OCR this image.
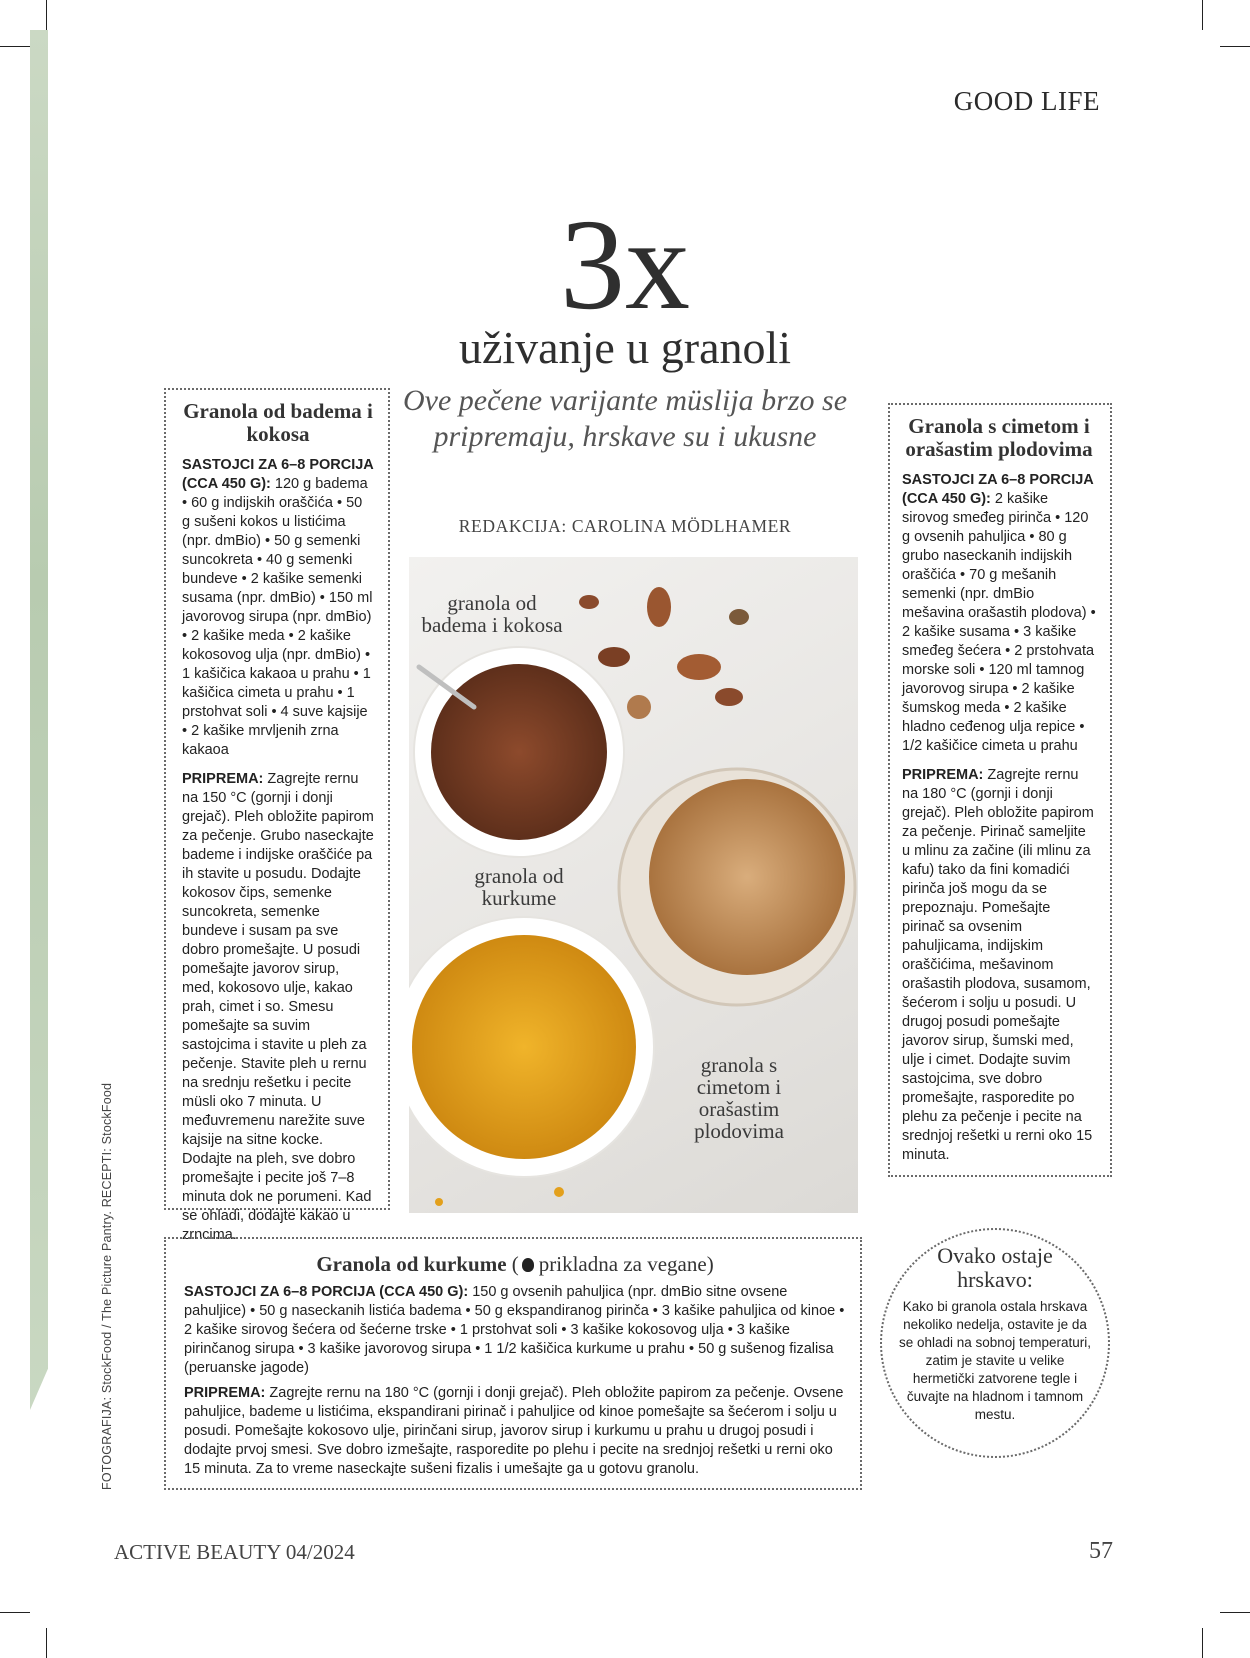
GOOD LIFE
3x
uživanje u granoli
Ove pečene varijante müslija brzo se pripremaju, hrskave su i ukusne
REDAKCIJA: CAROLINA MÖDLHAMER
Granola od badema i kokosa
SASTOJCI ZA 6–8 PORCIJA (CCA 450 G): 120 g badema • 60 g indijskih oraščića • 50 g sušeni kokos u listićima (npr. dmBio) • 50 g semenki suncokreta • 40 g semenki bundeve • 2 kašike semenki susama (npr. dmBio) • 150 ml javorovog sirupa (npr. dmBio) • 2 kašike meda • 2 kašike kokosovog ulja (npr. dmBio) • 1 kašičica kakaoa u prahu • 1 kašičica cimeta u prahu • 1 prstohvat soli • 4 suve kajsije • 2 kašike mrvljenih zrna kakaoa
PRIPREMA: Zagrejte rernu na 150 °C (gornji i donji grejač). Pleh obložite papirom za pečenje. Grubo naseckajte bademe i indijske oraščiće pa ih stavite u posudu. Dodajte kokosov čips, semenke suncokreta, semenke bundeve i susam pa sve dobro promešajte. U posudi pomešajte javorov sirup, med, kokosovo ulje, kakao prah, cimet i so. Smesu pomešajte sa suvim sastojcima i stavite u pleh za pečenje. Stavite pleh u rernu na srednju rešetku i pecite müsli oko 7 minuta. U međuvremenu narežite suve kajsije na sitne kocke. Dodajte na pleh, sve dobro promešajte i pecite još 7–8 minuta dok ne porumeni. Kad se ohladi, dodajte kakao u zrncima.
granola od badema i kokosa
granola od kurkume
granola s cimetom i orašastim plodovima
Granola s cimetom i orašastim plodovima
SASTOJCI ZA 6–8 PORCIJA (CCA 450 G): 2 kašike sirovog smeđeg pirinča • 120 g ovsenih pahuljica • 80 g grubo naseckanih indijskih oraščića • 70 g mešanih semenki (npr. dmBio mešavina orašastih plodova) • 2 kašike susama • 3 kašike smeđeg šećera • 2 prstohvata morske soli • 120 ml tamnog javorovog sirupa • 2 kašike šumskog meda • 2 kašike hladno ceđenog ulja repice • 1/2 kašičice cimeta u prahu
PRIPREMA: Zagrejte rernu na 180 °C (gornji i donji grejač). Pleh obložite papirom za pečenje. Pirinač sameljite u mlinu za začine (ili mlinu za kafu) tako da fini komadići pirinča još mogu da se prepoznaju. Pomešajte pirinač sa ovsenim pahuljicama, indijskim oraščićima, mešavinom orašastih plodova, susamom, šećerom i solju u posudi. U drugoj posudi pomešajte javorov sirup, šumski med, ulje i cimet. Dodajte suvim sastojcima, sve dobro promešajte, rasporedite po plehu za pečenje i pecite na srednjoj rešetki u rerni oko 15 minuta.
Granola od kurkume ( prikladna za vegane)
SASTOJCI ZA 6–8 PORCIJA (CCA 450 G): 150 g ovsenih pahuljica (npr. dmBio sitne ovsene pahuljice) • 50 g naseckanih listića badema • 50 g ekspandiranog pirinča • 3 kašike pahuljica od kinoe • 2 kašike sirovog šećera od šećerne trske • 1 prstohvat soli • 3 kašike kokosovog ulja • 3 kašike pirinčanog sirupa • 3 kašike javorovog sirupa • 1 1/2 kašičica kurkume u prahu • 50 g sušenog fizalisa (peruanske jagode)
PRIPREMA: Zagrejte rernu na 180 °C (gornji i donji grejač). Pleh obložite papirom za pečenje. Ovsene pahuljice, bademe u listićima, ekspandirani pirinač i pahuljice od kinoe pomešajte sa šećerom i solju u posudi. Pomešajte kokosovo ulje, pirinčani sirup, javorov sirup i kurkumu u prahu u drugoj posudi i dodajte prvoj smesi. Sve dobro izmešajte, rasporedite po plehu i pecite na srednjoj rešetki u rerni oko 15 minuta. Za to vreme naseckajte sušeni fizalis i umešajte ga u gotovu granolu.
Ovako ostaje hrskavo:
Kako bi granola ostala hrskava nekoliko nedelja, ostavite je da se ohladi na sobnoj temperaturi, zatim je stavite u velike hermetički zatvorene tegle i čuvajte na hladnom i tamnom mestu.
FOTOGRAFIJA: StockFood / The Picture Pantry. RECEPTI: StockFood
ACTIVE BEAUTY 04/2024	57
